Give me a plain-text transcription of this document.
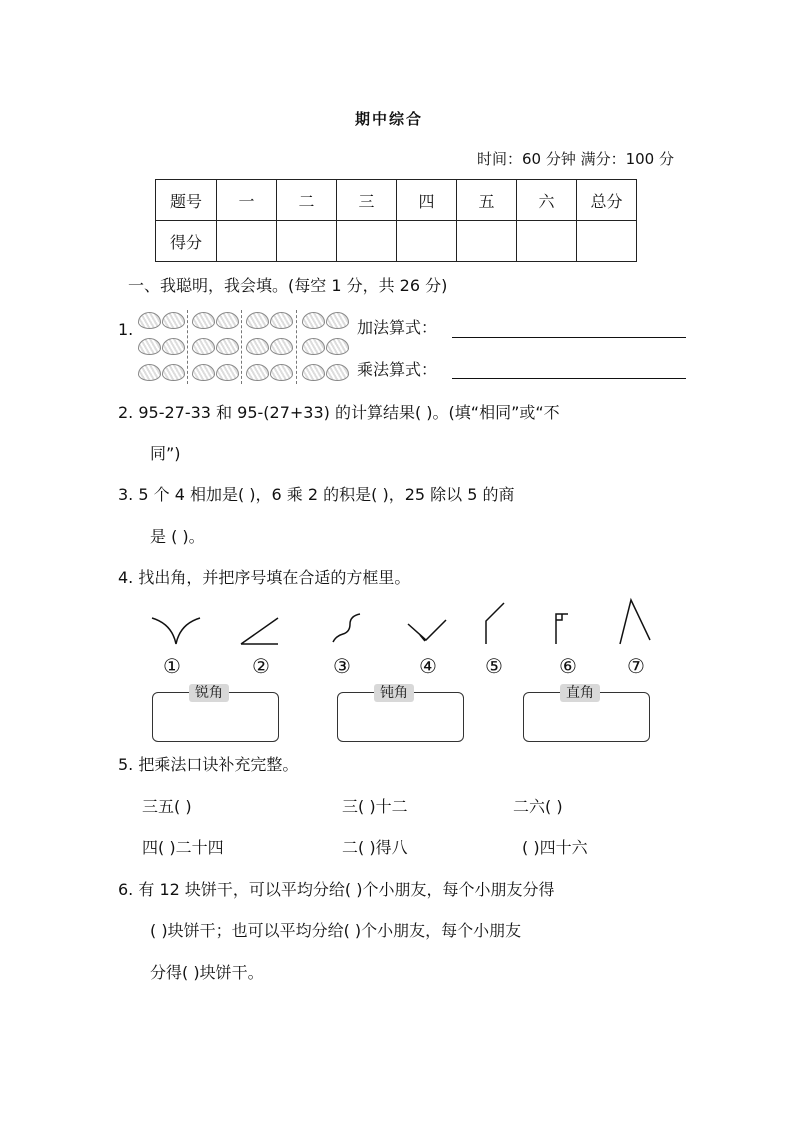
期中综合
时间：60 分钟 满分：100 分
题号	一	二	三	四	五	六	总分
得分							
一、我聪明，我会填。(每空 1 分，共 26 分)
1.	加法算式：
乘法算式：
2. 95-27-33 和 95-(27+33) 的计算结果( )。(填“相同”或“不
同”)
3. 5 个 4 相加是( )，6 乘 2 的积是( )，25 除以 5 的商
是 ( )。
4. 找出角，并把序号填在合适的方框里。
①	②	③	④ ⑤	⑥	⑦
锐角	钝角	直角
5. 把乘法口诀补充完整。
三五( )	三( )十二	二六( )
四( )二十四	二( )得八	( )四十六
6. 有 12 块饼干，可以平均分给( )个小朋友，每个小朋友分得
( )块饼干；也可以平均分给( )个小朋友，每个小朋友
分得( )块饼干。
